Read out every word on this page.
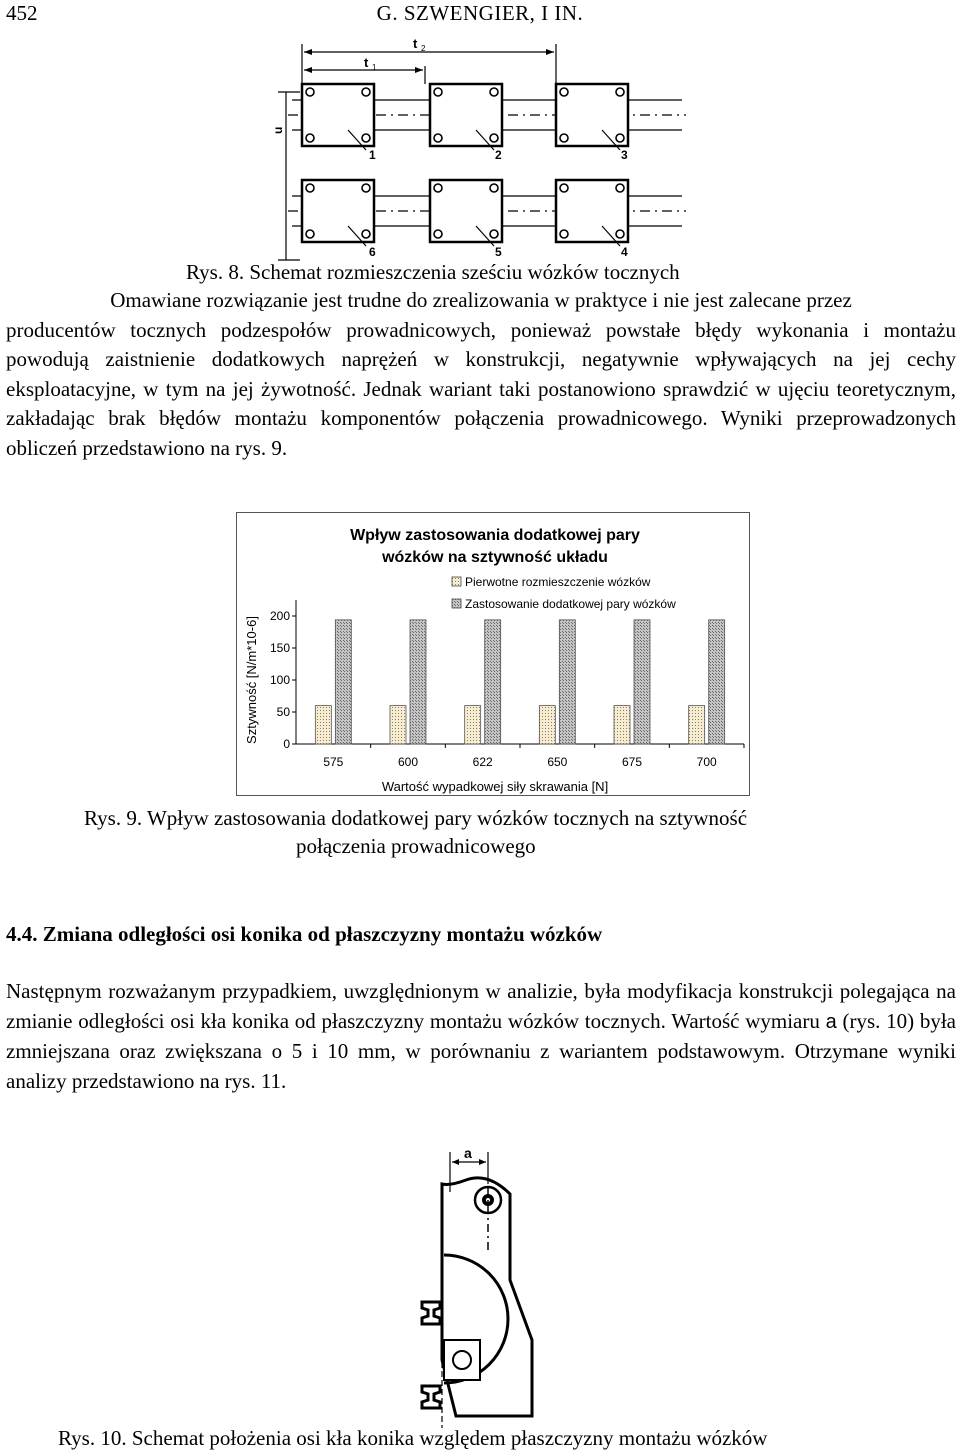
452	G. SZWENGIER, I IN.
t 2
t 1
u
1	2	3
4
5
6
Rys. 8. Schemat rozmieszczenia sześciu wózków tocznych

Omawiane rozwiązanie jest trudne do zrealizowania w praktyce i nie jest zalecane przez

producentów tocznych podzespołów prowadnicowych, ponieważ powstałe błędy wykonania i montażu powodują zaistnienie dodatkowych naprężeń w konstrukcji, negatywnie wpływających na jej cechy eksploatacyjne, w tym na jej żywotność. Jednak wariant taki postanowiono sprawdzić w ujęciu teoretycznym, zakładając brak błędów montażu komponentów połączenia prowadnicowego. Wyniki przeprowadzonych obliczeń przedstawiono na rys. 9.

Wpływ zastosowania dodatkowej pary
wózków na sztywność układu
Pierwotne rozmieszczenie wózków
Zastosowanie dodatkowej pary wózków
0
50
100
150
200
575	600	622	650	675	700
Wartość wypadkowej siły skrawania [N]
Sztywność [N/m*10-6]
Rys. 9. Wpływ zastosowania dodatkowej pary wózków tocznych na sztywność
połączenia prowadnicowego
4.4. Zmiana odległości osi konika od płaszczyzny montażu wózków

Następnym rozważanym przypadkiem, uwzględnionym w analizie, była modyfikacja konstrukcji polegająca na zmianie odległości osi kła konika od płaszczyzny montażu wózków tocznych. Wartość wymiaru a (rys. 10) była zmniejszana oraz zwiększana o 5 i 10 mm, w porównaniu z wariantem podstawowym. Otrzymane wyniki analizy przedstawiono na rys. 11.

a
Rys. 10. Schemat położenia osi kła konika względem płaszczyzny montażu wózków
